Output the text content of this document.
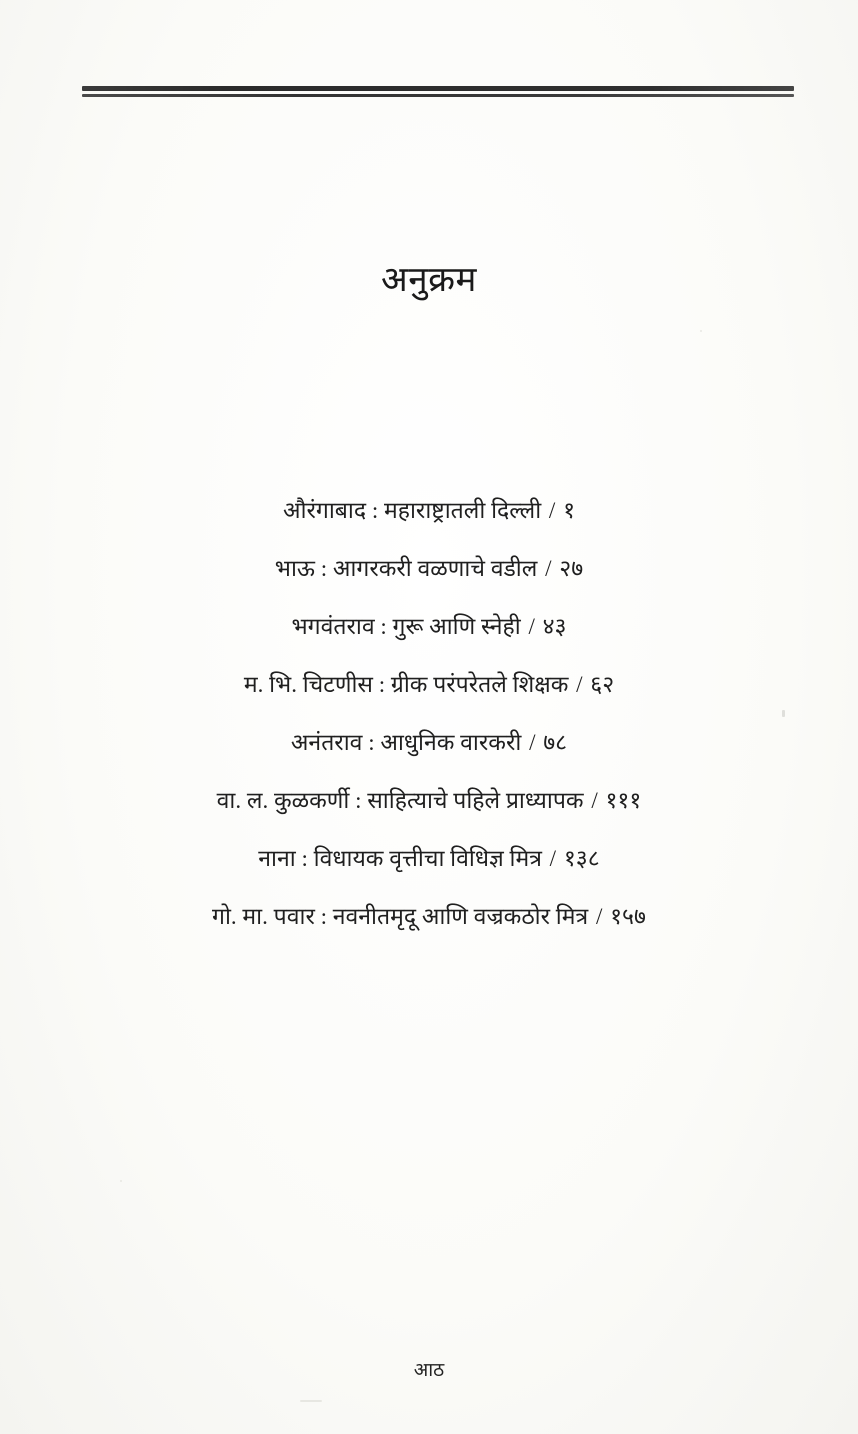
अनुक्रम
औरंगाबाद : महाराष्ट्रातली दिल्ली / १
भाऊ : आगरकरी वळणाचे वडील / २७
भगवंतराव : गुरू आणि स्नेही / ४३
म. भि. चिटणीस : ग्रीक परंपरेतले शिक्षक / ६२
अनंतराव : आधुनिक वारकरी / ७८
वा. ल. कुळकर्णी : साहित्याचे पहिले प्राध्यापक / १११
नाना : विधायक वृत्तीचा विधिज्ञ मित्र / १३८
गो. मा. पवार : नवनीतमृदू आणि वज्रकठोर मित्र / १५७
आठ
